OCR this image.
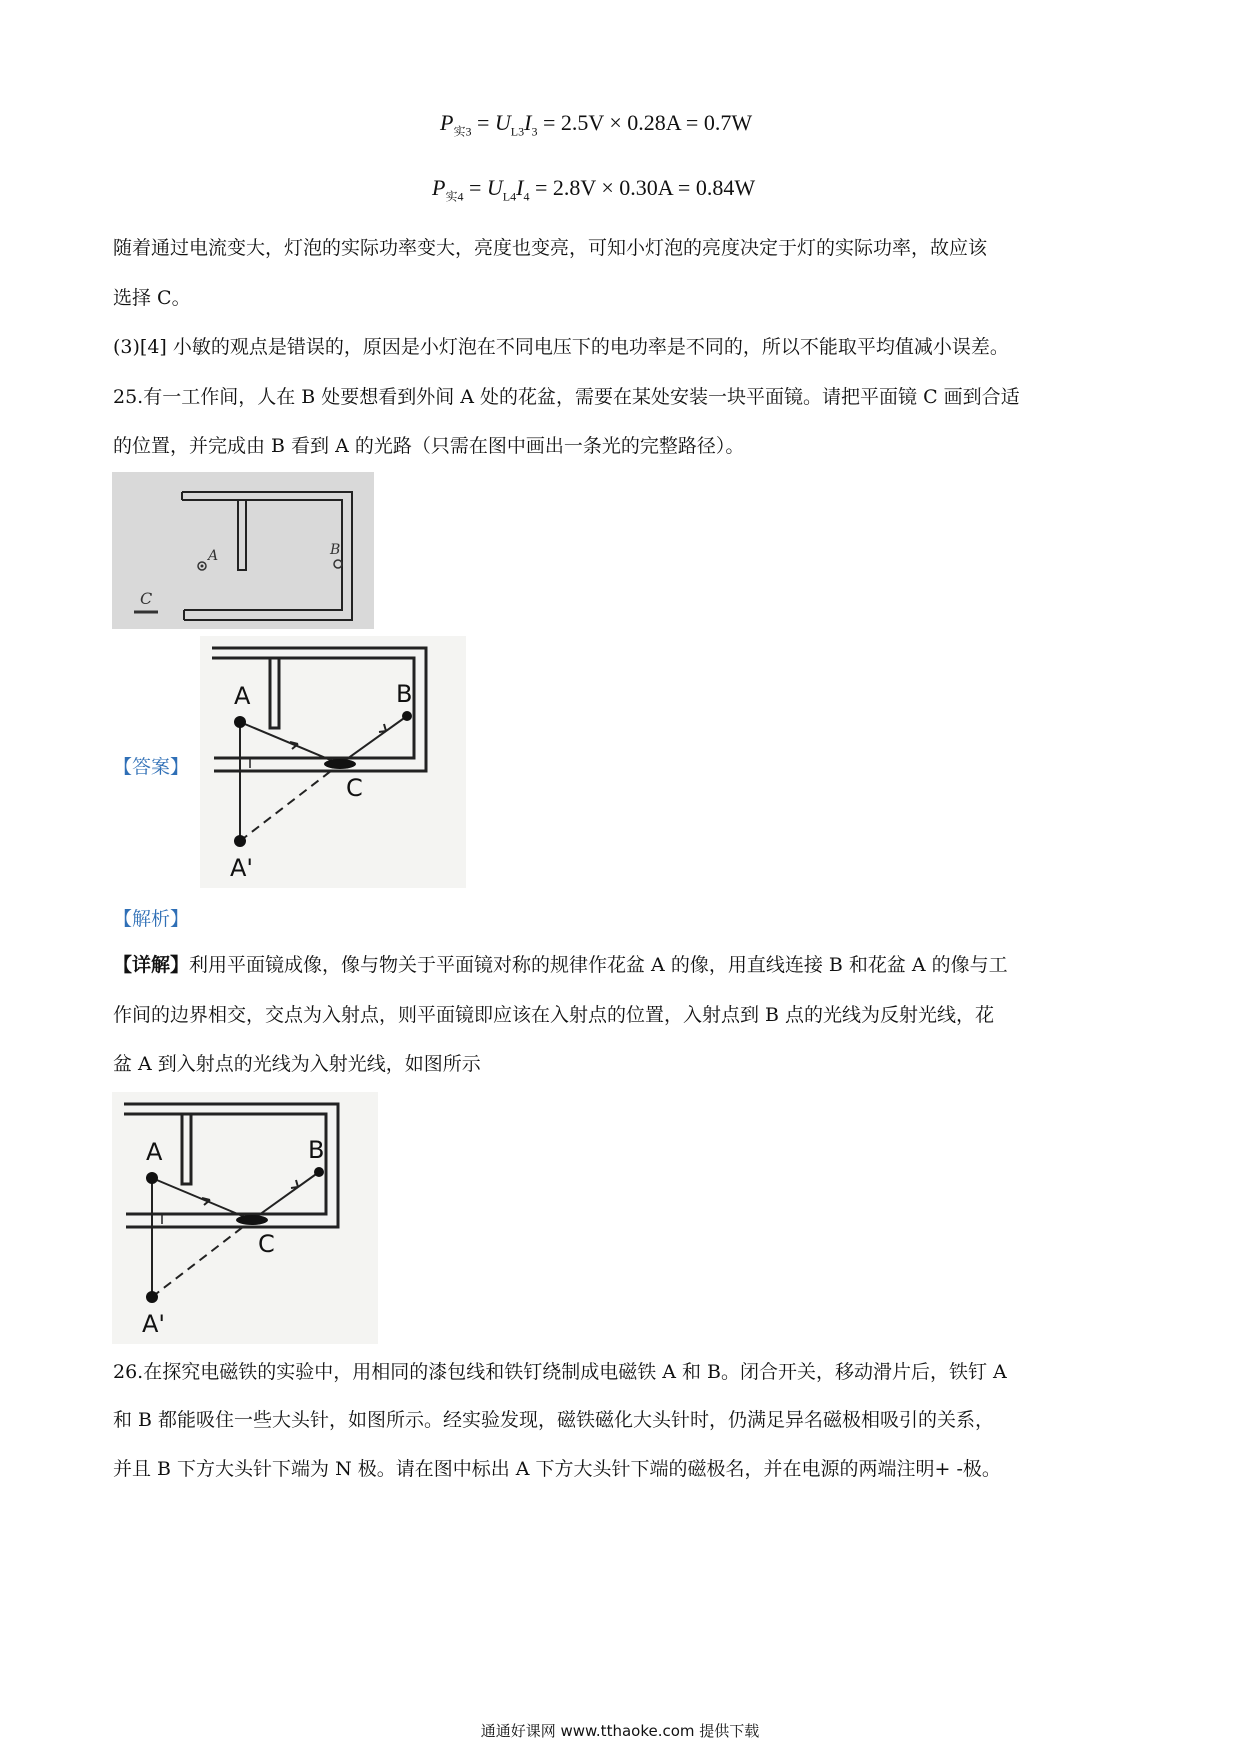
$P_{实3} = U_{L3}I_3 = 2.5V \times 0.28A = 0.7W$
$P_{实4} = U_{L4}I_4 = 2.8V \times 0.30A = 0.84W$
随着通过电流变大，灯泡的实际功率变大，亮度也变亮，可知小灯泡的亮度决定于灯的实际功率，故应该
选择 C。
(3)[4] 小敏的观点是错误的，原因是小灯泡在不同电压下的电功率是不同的，所以不能取平均值减小误差。
25.有一工作间，人在 B 处要想看到外间 A 处的花盆，需要在某处安装一块平面镜。请把平面镜 C 画到合适
的位置，并完成由 B 看到 A 的光路（只需在图中画出一条光的完整路径）。
A	B
C
【答案】
A	B
C
A'
【解析】
【详解】利用平面镜成像，像与物关于平面镜对称的规律作花盆 A 的像，用直线连接 B 和花盆 A 的像与工
作间的边界相交，交点为入射点，则平面镜即应该在入射点的位置，入射点到 B 点的光线为反射光线，花
盆 A 到入射点的光线为入射光线，如图所示
A	B
C
A'
26.在探究电磁铁的实验中，用相同的漆包线和铁钉绕制成电磁铁 A 和 B。闭合开关，移动滑片后，铁钉 A
和 B 都能吸住一些大头针，如图所示。经实验发现，磁铁磁化大头针时，仍满足异名磁极相吸引的关系，
并且 B 下方大头针下端为 N 极。请在图中标出 A 下方大头针下端的磁极名，并在电源的两端注明+ -极。
通通好课网 www.tthaoke.com 提供下载
